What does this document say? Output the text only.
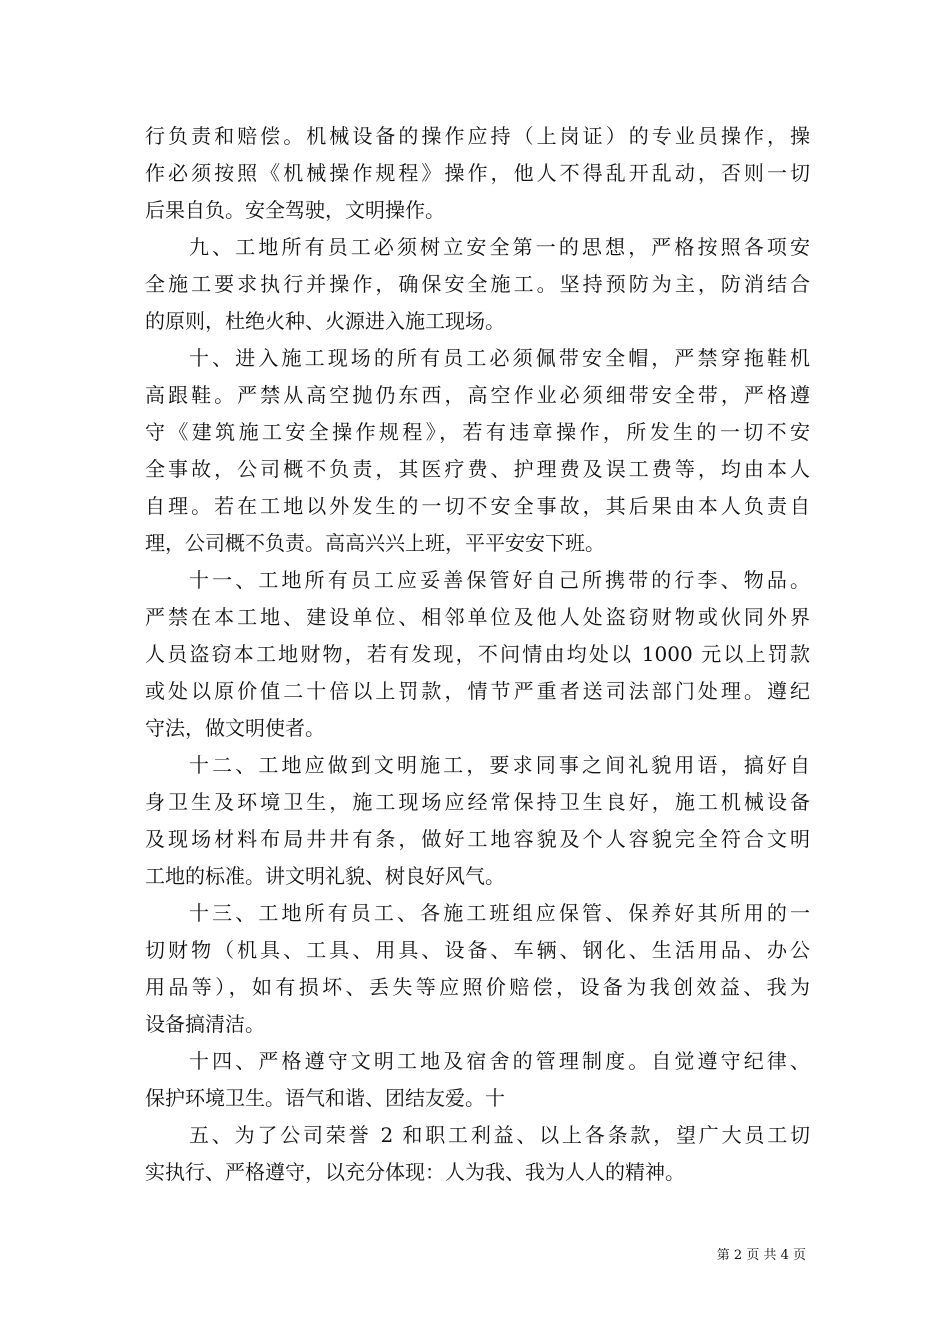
行负责和赔偿。机械设备的操作应持（上岗证）的专业员操作，操
作必须按照《机械操作规程》操作，他人不得乱开乱动，否则一切
后果自负。安全驾驶，文明操作。
九、工地所有员工必须树立安全第一的思想，严格按照各项安
全施工要求执行并操作，确保安全施工。坚持预防为主，防消结合
的原则，杜绝火种、火源进入施工现场。
十、进入施工现场的所有员工必须佩带安全帽，严禁穿拖鞋机
高跟鞋。严禁从高空抛仍东西，高空作业必须细带安全带，严格遵
守《建筑施工安全操作规程》，若有违章操作，所发生的一切不安
全事故，公司概不负责，其医疗费、护理费及误工费等，均由本人
自理。若在工地以外发生的一切不安全事故，其后果由本人负责自
理，公司概不负责。高高兴兴上班，平平安安下班。
十一、工地所有员工应妥善保管好自己所携带的行李、物品。
严禁在本工地、建设单位、相邻单位及他人处盗窃财物或伙同外界
人员盗窃本工地财物，若有发现，不问情由均处以 1000 元以上罚款
或处以原价值二十倍以上罚款，情节严重者送司法部门处理。遵纪
守法，做文明使者。
十二、工地应做到文明施工，要求同事之间礼貌用语，搞好自
身卫生及环境卫生，施工现场应经常保持卫生良好，施工机械设备
及现场材料布局井井有条，做好工地容貌及个人容貌完全符合文明
工地的标准。讲文明礼貌、树良好风气。
十三、工地所有员工、各施工班组应保管、保养好其所用的一
切财物（机具、工具、用具、设备、车辆、钢化、生活用品、办公
用品等），如有损坏、丢失等应照价赔偿，设备为我创效益、我为
设备搞清洁。
十四、严格遵守文明工地及宿舍的管理制度。自觉遵守纪律、
保护环境卫生。语气和谐、团结友爱。十
五、为了公司荣誉 2 和职工利益、以上各条款，望广大员工切
实执行、严格遵守，以充分体现：人为我、我为人人的精神。
第 2 页 共 4 页
